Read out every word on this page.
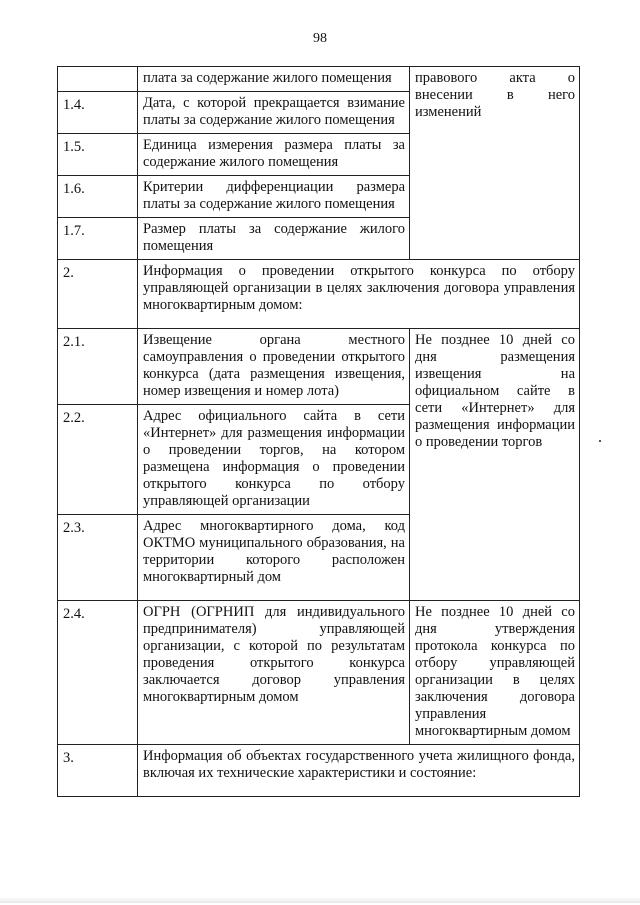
98
	плата за содержание жилого помещения	правового акта о внесении в него изменений
1.4.	Дата, с которой прекращается взимание платы за содержание жилого помещения	
1.5.	Единица измерения размера платы за содержание жилого помещения	
1.6.	Критерии дифференциации размера платы за содержание жилого помещения	
1.7.	Размер платы за содержание жилого помещения	
2.	Информация о проведении открытого конкурса по отбору управляющей организации в целях заключения договора управления многоквартирным домом:	
2.1.	Извещение органа местного самоуправления о проведении открытого конкурса (дата размещения извещения, номер извещения и номер лота)	Не позднее 10 дней со дня размещения извещения на официальном сайте в сети «Интернет» для размещения информации о проведении торгов
2.2.	Адрес официального сайта в сети «Интернет» для размещения информации о проведении торгов, на котором размещена информация о проведении открытого конкурса по отбору управляющей организации	
2.3.	Адрес многоквартирного дома, код ОКТМО муниципального образования, на территории которого расположен многоквартирный дом	
2.4.	ОГРН (ОГРНИП для индивидуального предпринимателя) управляющей организации, с которой по результатам проведения открытого конкурса заключается договор управления многоквартирным домом	Не позднее 10 дней со дня утверждения протокола конкурса по отбору управляющей организации в целях заключения договора управления многоквартирным домом
3.	Информация об объектах государственного учета жилищного фонда, включая их технические характеристики и состояние:	
